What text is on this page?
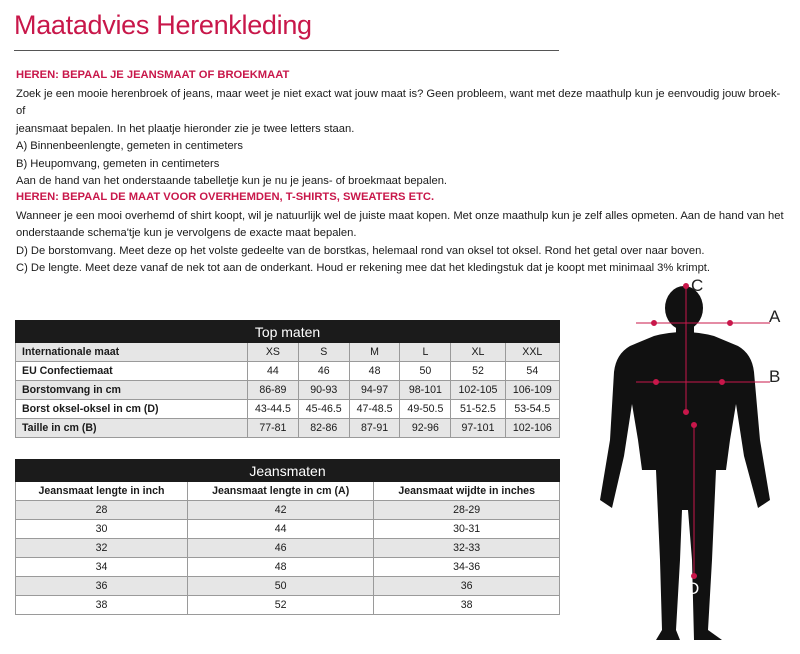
Maatadvies Herenkleding
HEREN: BEPAAL JE JEANSMAAT OF BROEKMAAT

Zoek je een mooie herenbroek of jeans, maar weet je niet exact wat jouw maat is? Geen probleem, want met deze maathulp kun je eenvoudig jouw broek- of

jeansmaat bepalen. In het plaatje hieronder zie je twee letters staan.

A) Binnenbeenlengte, gemeten in centimeters

B) Heupomvang, gemeten in centimeters

Aan de hand van het onderstaande tabelletje kun je nu je jeans- of broekmaat bepalen.

HEREN: BEPAAL DE MAAT VOOR OVERHEMDEN, T-SHIRTS, SWEATERS ETC.

Wanneer je een mooi overhemd of shirt koopt, wil je natuurlijk wel de juiste maat kopen. Met onze maathulp kun je zelf alles opmeten. Aan de hand van het

onderstaande schema'tje kun je vervolgens de exacte maat bepalen.

D) De borstomvang. Meet deze op het volste gedeelte van de borstkas, helemaal rond van oksel tot oksel. Rond het getal over naar boven.

C) De lengte. Meet deze vanaf de nek tot aan de onderkant. Houd er rekening mee dat het kledingstuk dat je koopt met minimaal 3% krimpt.

Top maten						
Internationale maat	XS	S	M	L	XL	XXL
EU Confectiemaat	44	46	48	50	52	54
Borstomvang in cm	86-89	90-93	94-97	98-101	102-105	106-109
Borst oksel-oksel in cm (D)	43-44.5	45-46.5	47-48.5	49-50.5	51-52.5	53-54.5
Taille in cm (B)	77-81	82-86	87-91	92-96	97-101	102-106
Jeansmaten		
Jeansmaat lengte in inch	Jeansmaat lengte in cm (A)	Jeansmaat wijdte in inches
28	42	28-29
30	44	30-31
32	46	32-33
34	48	34-36
36	50	36
38	52	38
C
A
B
D
